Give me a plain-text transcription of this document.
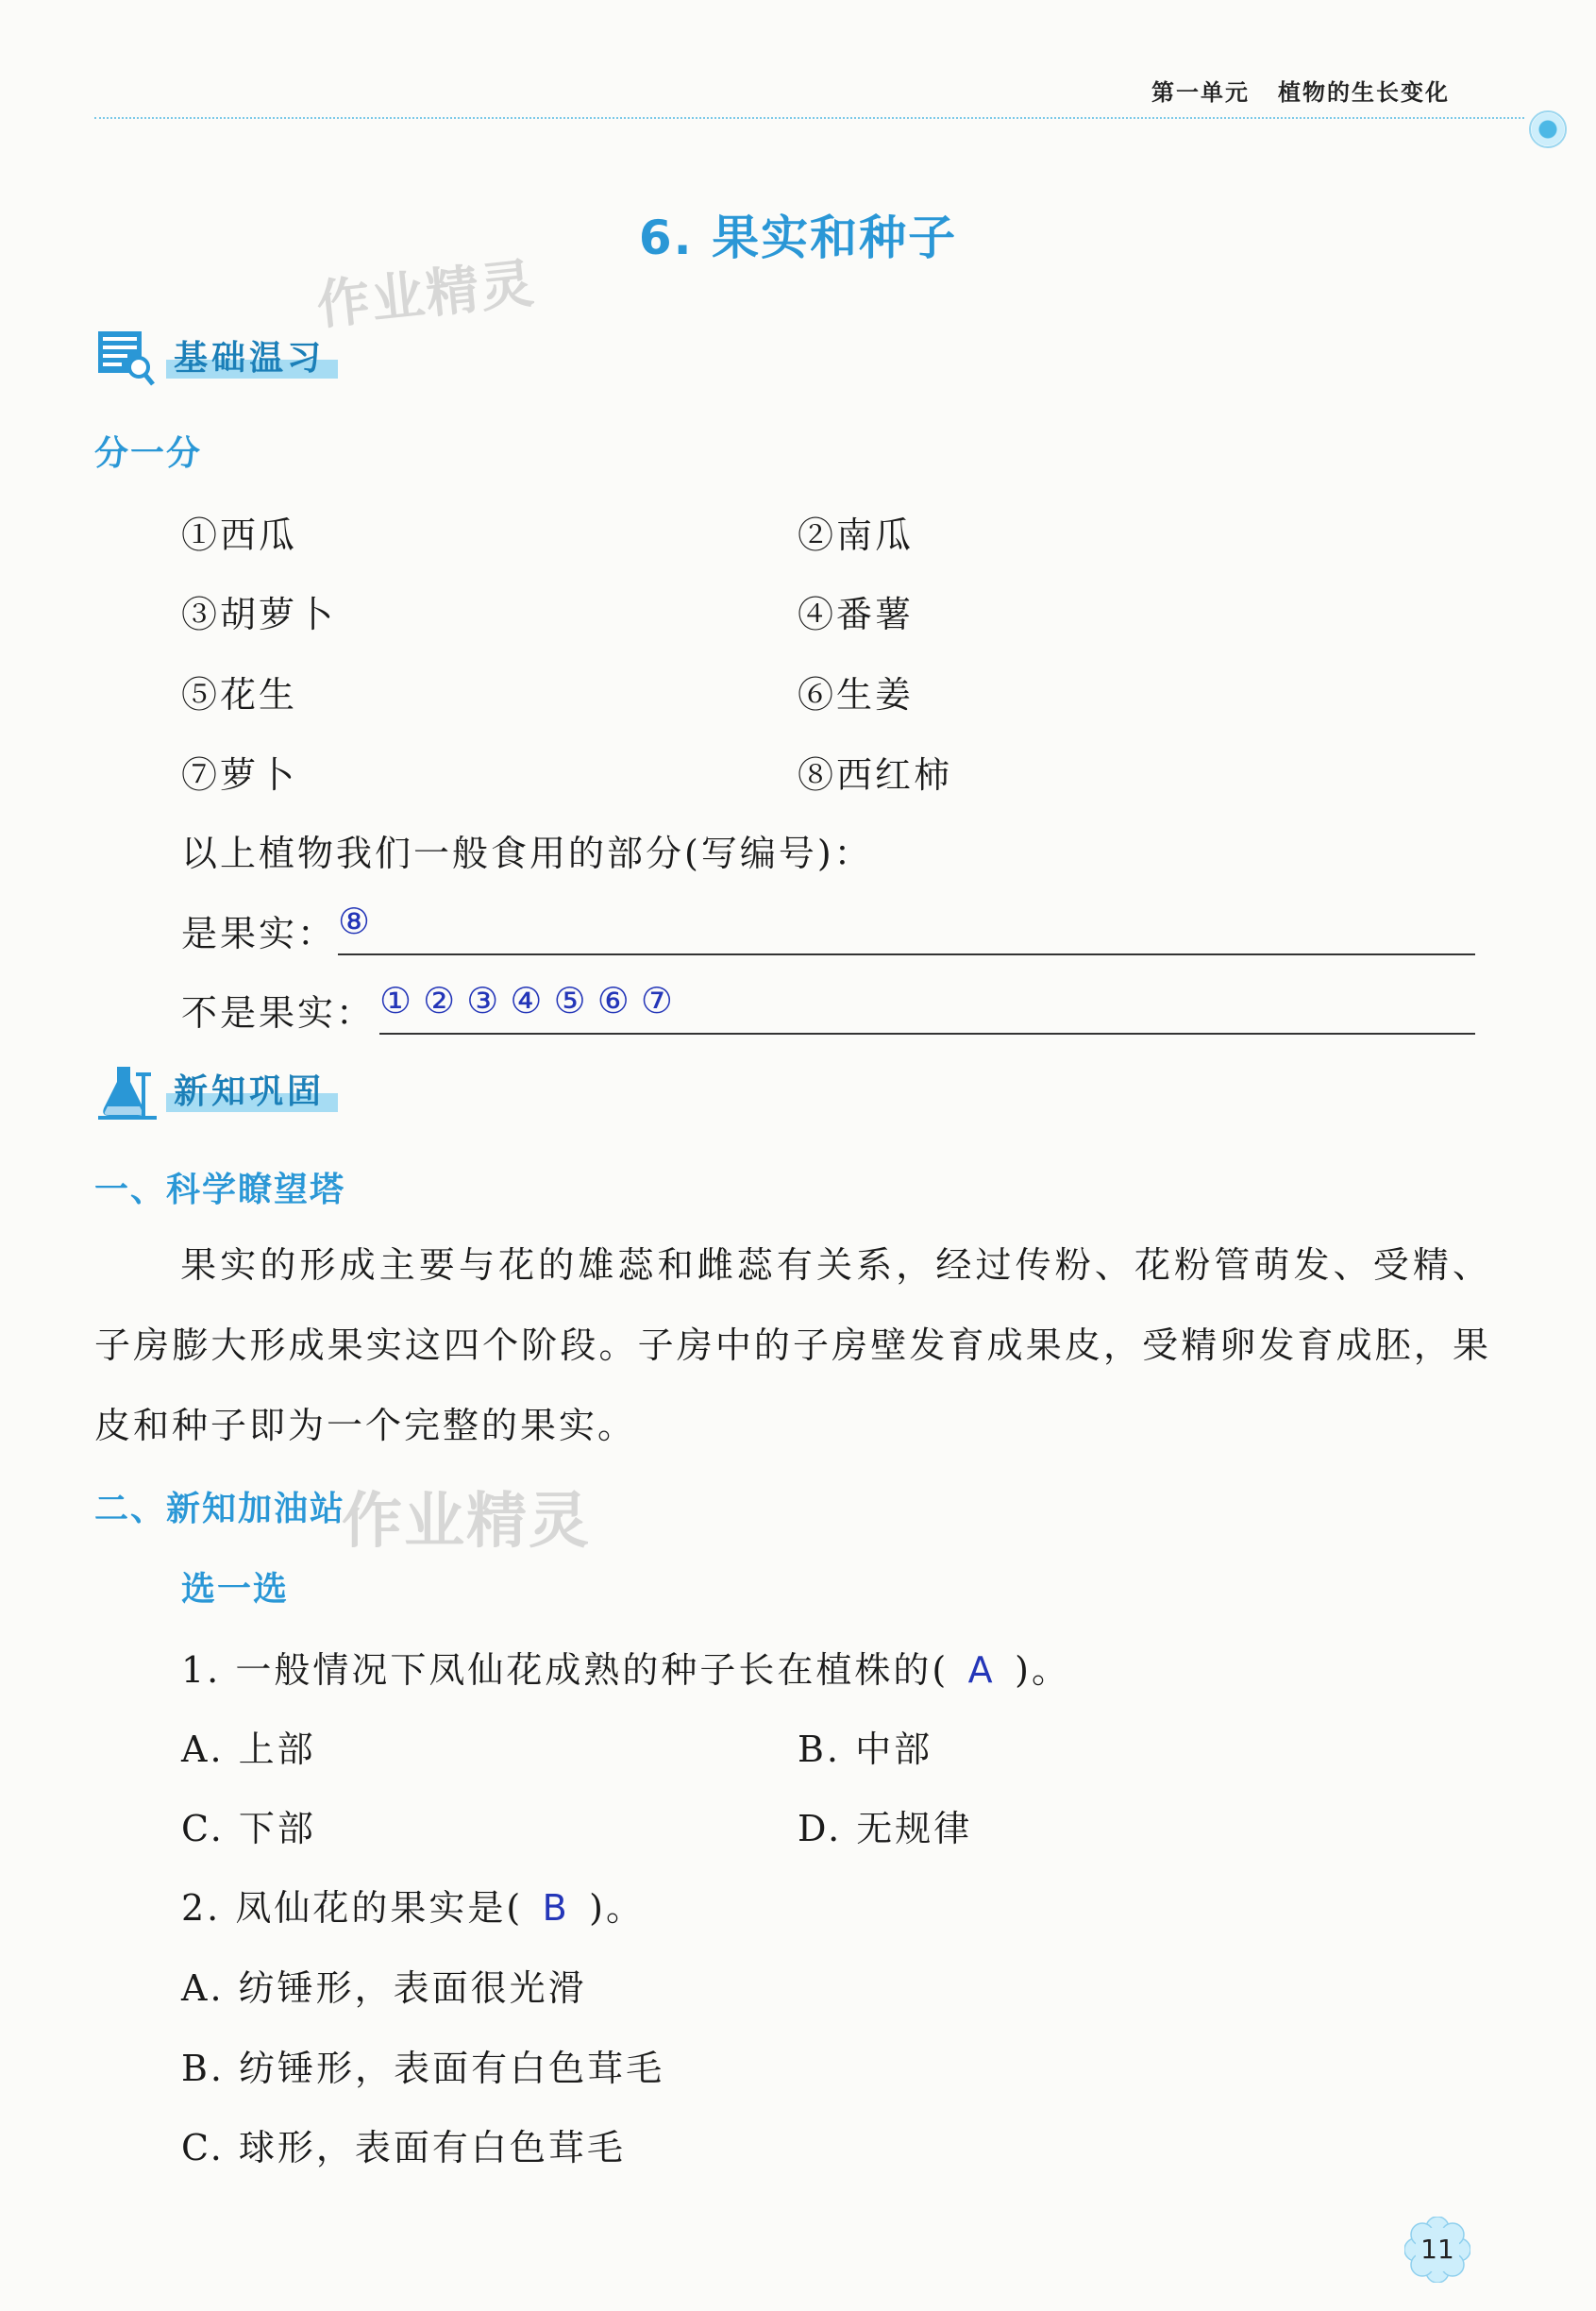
第一单元 植物的生长变化
6. 果实和种子
作业精灵
作业精灵
基础温习
分一分
①西瓜	②南瓜
③胡萝卜	④番薯
⑤花生	⑥生姜
⑦萝卜	⑧西红柿
以上植物我们一般食用的部分(写编号)：
是果实： ⑧
不是果实： ① ② ③ ④ ⑤ ⑥ ⑦
新知巩固
一、科学瞭望塔
果实的形成主要与花的雄蕊和雌蕊有关系，经过传粉、花粉管萌发、受精、子房膨大形成果实这四个阶段。子房中的子房壁发育成果皮，受精卵发育成胚，果皮和种子即为一个完整的果实。
二、新知加油站
选一选
1. 一般情况下凤仙花成熟的种子长在植株的( A )。
A. 上部	B. 中部
C. 下部	D. 无规律
2. 凤仙花的果实是( B )。
A. 纺锤形，表面很光滑
B. 纺锤形，表面有白色茸毛
C. 球形，表面有白色茸毛
11
